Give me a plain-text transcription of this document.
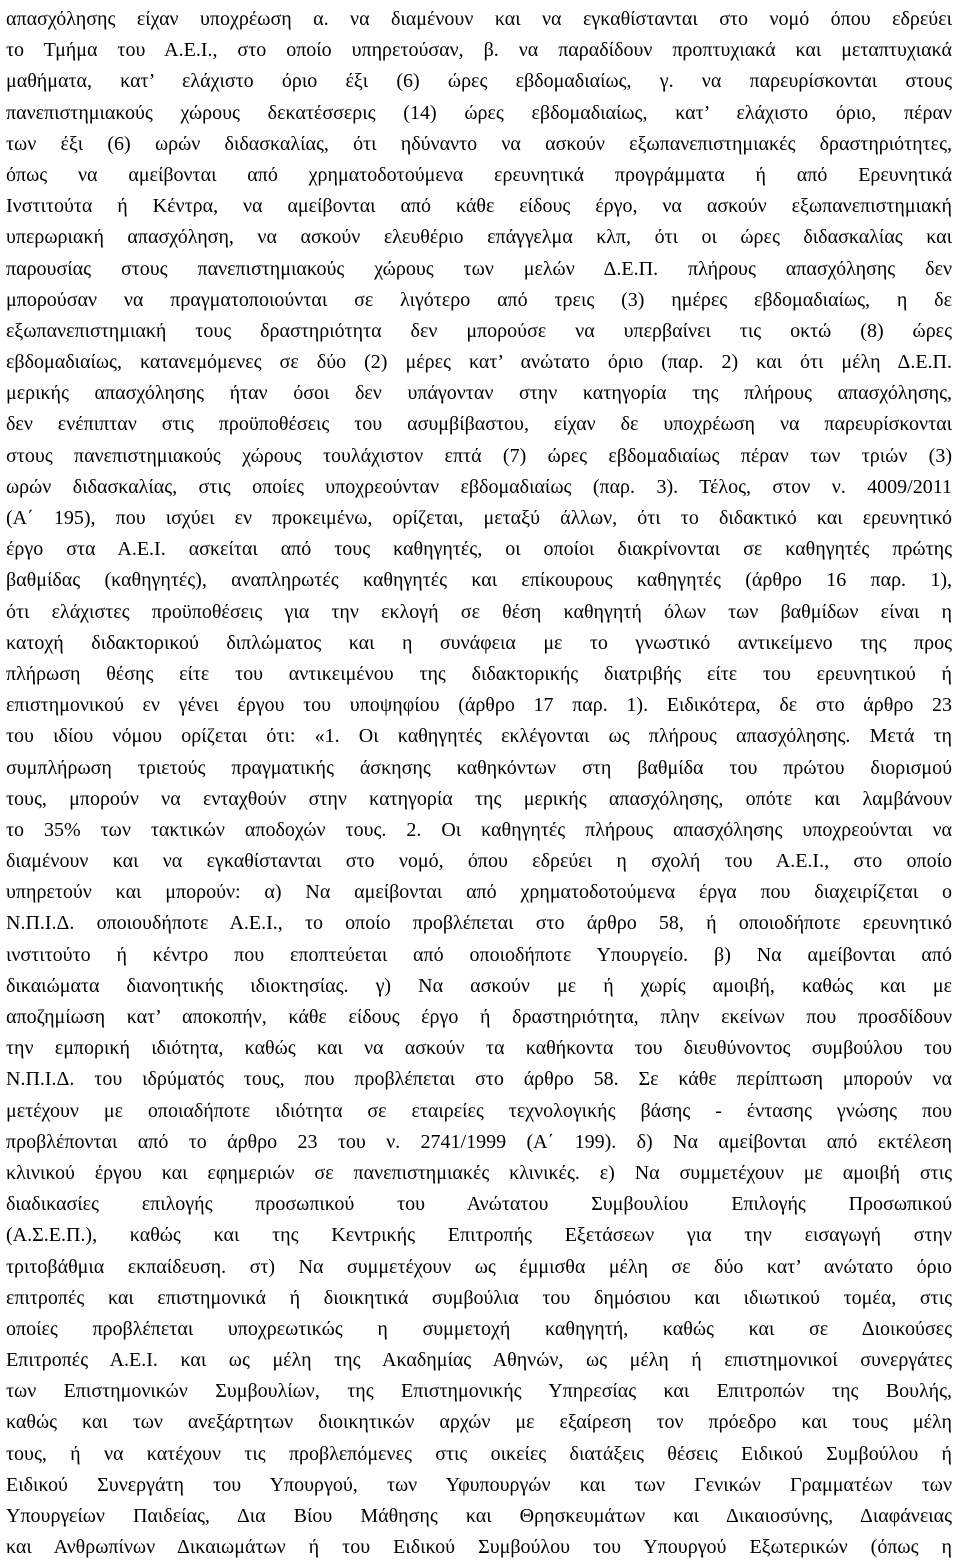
απασχόλησης είχαν υποχρέωση α. να διαμένουν και να εγκαθίστανται στο νομό όπου εδρεύει
το Τμήμα του Α.Ε.Ι., στο οποίο υπηρετούσαν, β. να παραδίδουν προπτυχιακά και μεταπτυχιακά
μαθήματα, κατ’ ελάχιστο όριο έξι (6) ώρες εβδομαδιαίως, γ. να παρευρίσκονται στους
πανεπιστημιακούς χώρους δεκατέσσερις (14) ώρες εβδομαδιαίως, κατ’ ελάχιστο όριο, πέραν
των έξι (6) ωρών διδασκαλίας, ότι ηδύναντο να ασκούν εξωπανεπιστημιακές δραστηριότητες,
όπως να αμείβονται από χρηματοδοτούμενα ερευνητικά προγράμματα ή από Ερευνητικά
Ινστιτούτα ή Κέντρα, να αμείβονται από κάθε είδους έργο, να ασκούν εξωπανεπιστημιακή
υπερωριακή απασχόληση, να ασκούν ελευθέριο επάγγελμα κλπ, ότι οι ώρες διδασκαλίας και
παρουσίας στους πανεπιστημιακούς χώρους των μελών Δ.Ε.Π. πλήρους απασχόλησης δεν
μπορούσαν να πραγματοποιούνται σε λιγότερο από τρεις (3) ημέρες εβδομαδιαίως, η δε
εξωπανεπιστημιακή τους δραστηριότητα δεν μπορούσε να υπερβαίνει τις οκτώ (8) ώρες
εβδομαδιαίως, κατανεμόμενες σε δύο (2) μέρες κατ’ ανώτατο όριο (παρ. 2) και ότι μέλη Δ.Ε.Π.
μερικής απασχόλησης ήταν όσοι δεν υπάγονταν στην κατηγορία της πλήρους απασχόλησης,
δεν ενέπιπταν στις προϋποθέσεις του ασυμβίβαστου, είχαν δε υποχρέωση να παρευρίσκονται
στους πανεπιστημιακούς χώρους τουλάχιστον επτά (7) ώρες εβδομαδιαίως πέραν των τριών (3)
ωρών διδασκαλίας, στις οποίες υποχρεούνταν εβδομαδιαίως (παρ. 3). Τέλος, στον ν. 4009/2011
(Α΄ 195), που ισχύει εν προκειμένω, ορίζεται, μεταξύ άλλων, ότι το διδακτικό και ερευνητικό
έργο στα Α.Ε.Ι. ασκείται από τους καθηγητές, οι οποίοι διακρίνονται σε καθηγητές πρώτης
βαθμίδας (καθηγητές), αναπληρωτές καθηγητές και επίκουρους καθηγητές (άρθρο 16 παρ. 1),
ότι ελάχιστες προϋποθέσεις για την εκλογή σε θέση καθηγητή όλων των βαθμίδων είναι η
κατοχή διδακτορικού διπλώματος και η συνάφεια με το γνωστικό αντικείμενο της προς
πλήρωση θέσης είτε του αντικειμένου της διδακτορικής διατριβής είτε του ερευνητικού ή
επιστημονικού εν γένει έργου του υποψηφίου (άρθρο 17 παρ. 1). Ειδικότερα, δε στο άρθρο 23
του ιδίου νόμου ορίζεται ότι: «1. Οι καθηγητές εκλέγονται ως πλήρους απασχόλησης. Μετά τη
συμπλήρωση τριετούς πραγματικής άσκησης καθηκόντων στη βαθμίδα του πρώτου διορισμού
τους, μπορούν να ενταχθούν στην κατηγορία της μερικής απασχόλησης, οπότε και λαμβάνουν
το 35% των τακτικών αποδοχών τους. 2. Οι καθηγητές πλήρους απασχόλησης υποχρεούνται να
διαμένουν και να εγκαθίστανται στο νομό, όπου εδρεύει η σχολή του Α.Ε.Ι., στο οποίο
υπηρετούν και μπορούν: α) Να αμείβονται από χρηματοδοτούμενα έργα που διαχειρίζεται ο
Ν.Π.Ι.Δ. οποιουδήποτε Α.Ε.Ι., το οποίο προβλέπεται στο άρθρο 58, ή οποιοδήποτε ερευνητικό
ινστιτούτο ή κέντρο που εποπτεύεται από οποιοδήποτε Υπουργείο. β) Να αμείβονται από
δικαιώματα διανοητικής ιδιοκτησίας. γ) Να ασκούν με ή χωρίς αμοιβή, καθώς και με
αποζημίωση κατ’ αποκοπήν, κάθε είδους έργο ή δραστηριότητα, πλην εκείνων που προσδίδουν
την εμπορική ιδιότητα, καθώς και να ασκούν τα καθήκοντα του διευθύνοντος συμβούλου του
Ν.Π.Ι.Δ. του ιδρύματός τους, που προβλέπεται στο άρθρο 58. Σε κάθε περίπτωση μπορούν να
μετέχουν με οποιαδήποτε ιδιότητα σε εταιρείες τεχνολογικής βάσης - έντασης γνώσης που
προβλέπονται από το άρθρο 23 του ν. 2741/1999 (Α΄ 199). δ) Να αμείβονται από εκτέλεση
κλινικού έργου και εφημεριών σε πανεπιστημιακές κλινικές. ε) Να συμμετέχουν με αμοιβή στις
διαδικασίες επιλογής προσωπικού του Ανώτατου Συμβουλίου Επιλογής Προσωπικού
(Α.Σ.Ε.Π.), καθώς και της Κεντρικής Επιτροπής Εξετάσεων για την εισαγωγή στην
τριτοβάθμια εκπαίδευση. στ) Να συμμετέχουν ως έμμισθα μέλη σε δύο κατ’ ανώτατο όριο
επιτροπές και επιστημονικά ή διοικητικά συμβούλια του δημόσιου και ιδιωτικού τομέα, στις
οποίες προβλέπεται υποχρεωτικώς η συμμετοχή καθηγητή, καθώς και σε Διοικούσες
Επιτροπές Α.Ε.Ι. και ως μέλη της Ακαδημίας Αθηνών, ως μέλη ή επιστημονικοί συνεργάτες
των Επιστημονικών Συμβουλίων, της Επιστημονικής Υπηρεσίας και Επιτροπών της Βουλής,
καθώς και των ανεξάρτητων διοικητικών αρχών με εξαίρεση τον πρόεδρο και τους μέλη
τους, ή να κατέχουν τις προβλεπόμενες στις οικείες διατάξεις θέσεις Ειδικού Συμβούλου ή
Ειδικού Συνεργάτη του Υπουργού, των Υφυπουργών και των Γενικών Γραμματέων των
Υπουργείων Παιδείας, Δια Βίου Μάθησης και Θρησκευμάτων και Δικαιοσύνης, Διαφάνειας
και Ανθρωπίνων Δικαιωμάτων ή του Ειδικού Συμβούλου του Υπουργού Εξωτερικών (όπως η
